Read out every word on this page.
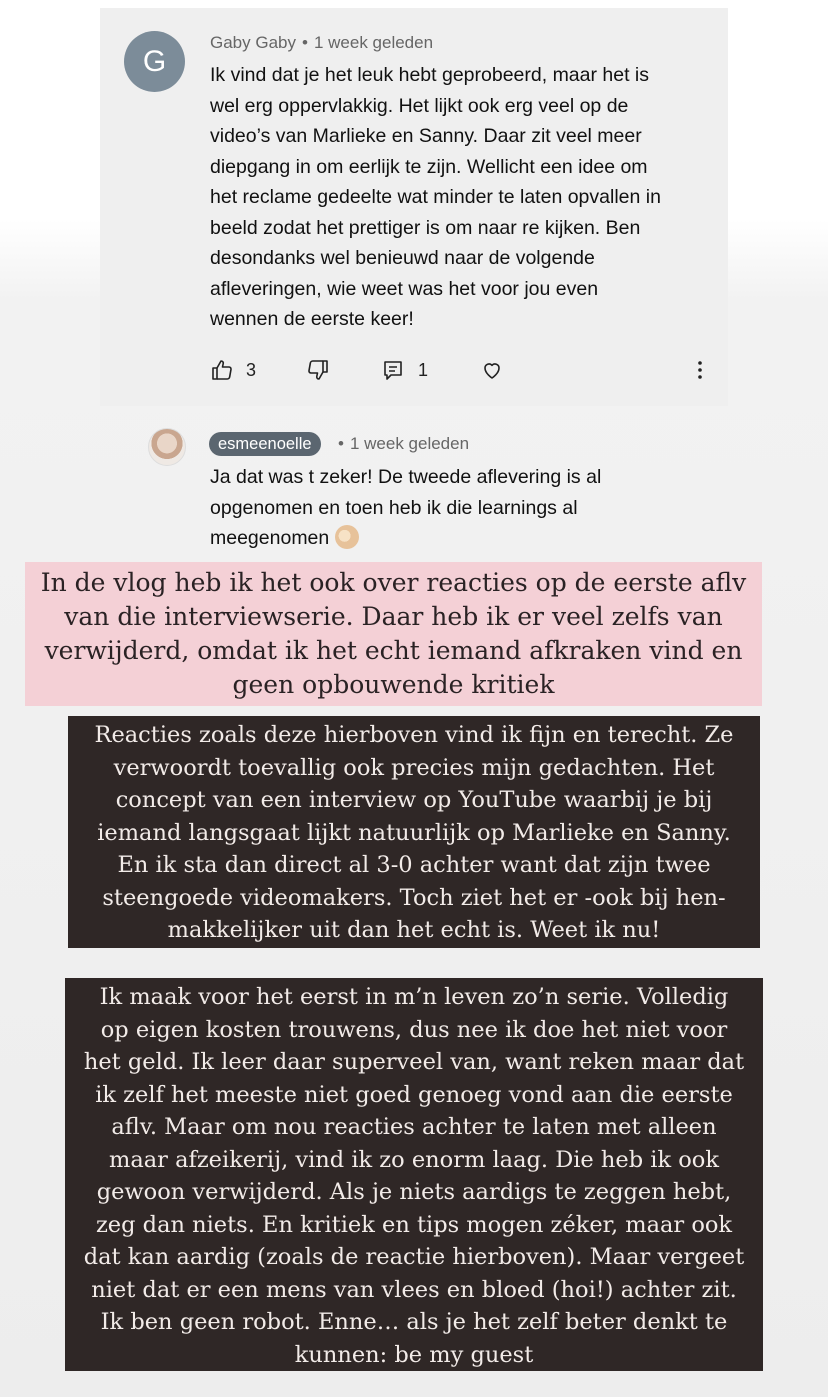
G
Gaby Gaby • 1 week geleden

Ik vind dat je het leuk hebt geprobeerd, maar het is
wel erg oppervlakkig. Het lijkt ook erg veel op de
video’s van Marlieke en Sanny. Daar zit veel meer
diepgang in om eerlijk te zijn. Wellicht een idee om
het reclame gedeelte wat minder te laten opvallen in
beeld zodat het prettiger is om naar re kijken. Ben
desondanks wel benieuwd naar de volgende
afleveringen, wie weet was het voor jou even
wennen de eerste keer!

3	1
esmeenoelle	• 1 week geleden

Ja dat was t zeker! De tweede aflevering is al
opgenomen en toen heb ik die learnings al
meegenomen

In de vlog heb ik het ook over reacties op de eerste aflv
van die interviewserie. Daar heb ik er veel zelfs van
verwijderd, omdat ik het echt iemand afkraken vind en
geen opbouwende kritiek

Reacties zoals deze hierboven vind ik fijn en terecht. Ze
verwoordt toevallig ook precies mijn gedachten. Het
concept van een interview op YouTube waarbij je bij
iemand langsgaat lijkt natuurlijk op Marlieke en Sanny.
En ik sta dan direct al 3-0 achter want dat zijn twee
steengoede videomakers. Toch ziet het er -ook bij hen-
makkelijker uit dan het echt is. Weet ik nu!

Ik maak voor het eerst in m’n leven zo’n serie. Volledig
op eigen kosten trouwens, dus nee ik doe het niet voor
het geld. Ik leer daar superveel van, want reken maar dat
ik zelf het meeste niet goed genoeg vond aan die eerste
aflv. Maar om nou reacties achter te laten met alleen
maar afzeikerij, vind ik zo enorm laag. Die heb ik ook
gewoon verwijderd. Als je niets aardigs te zeggen hebt,
zeg dan niets. En kritiek en tips mogen zéker, maar ook
dat kan aardig (zoals de reactie hierboven). Maar vergeet
niet dat er een mens van vlees en bloed (hoi!) achter zit.
Ik ben geen robot. Enne… als je het zelf beter denkt te
kunnen: be my guest
